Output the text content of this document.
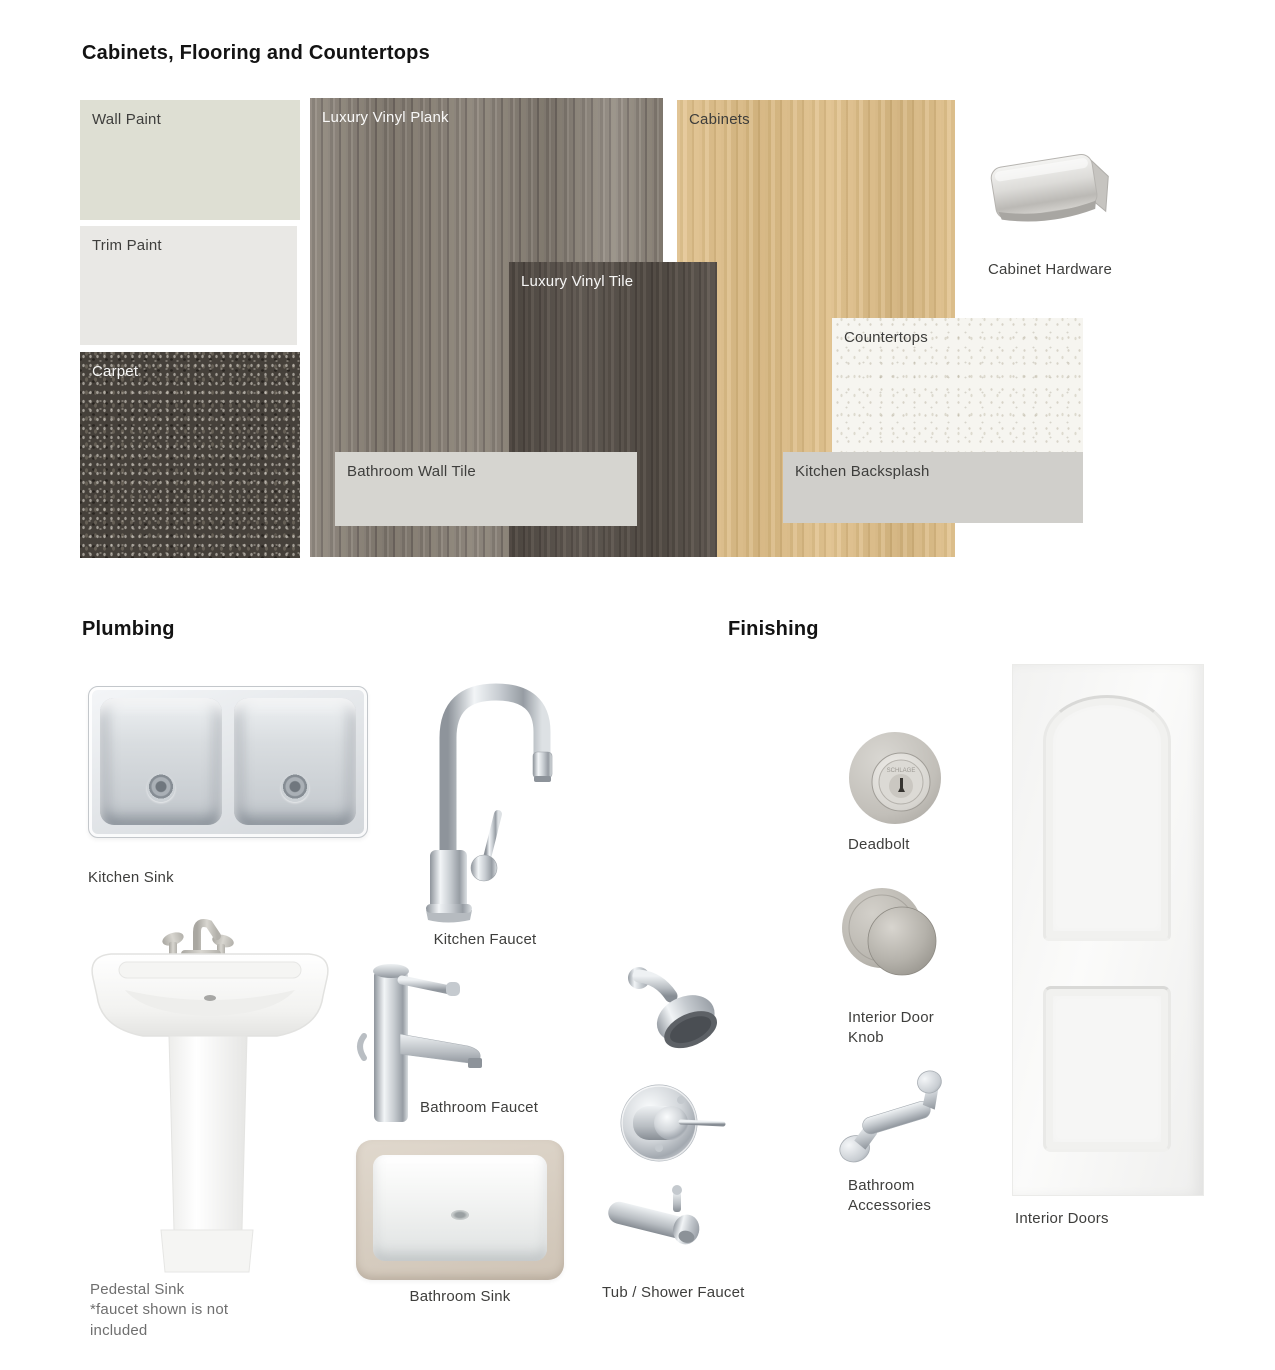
Cabinets, Flooring and Countertops
Wall Paint
Trim Paint
Carpet
Cabinets
Luxury Vinyl Plank
Luxury Vinyl Tile
Bathroom Wall Tile
Countertops
Kitchen Backsplash
Cabinet Hardware
Plumbing
Kitchen Sink
Kitchen Faucet
Pedestal Sink
*faucet shown is not included
Bathroom Faucet
Bathroom Sink	Tub / Shower Faucet
Finishing
SCHLAGE
Deadbolt
Interior Door Knob
Bathroom Accessories
Interior Doors
